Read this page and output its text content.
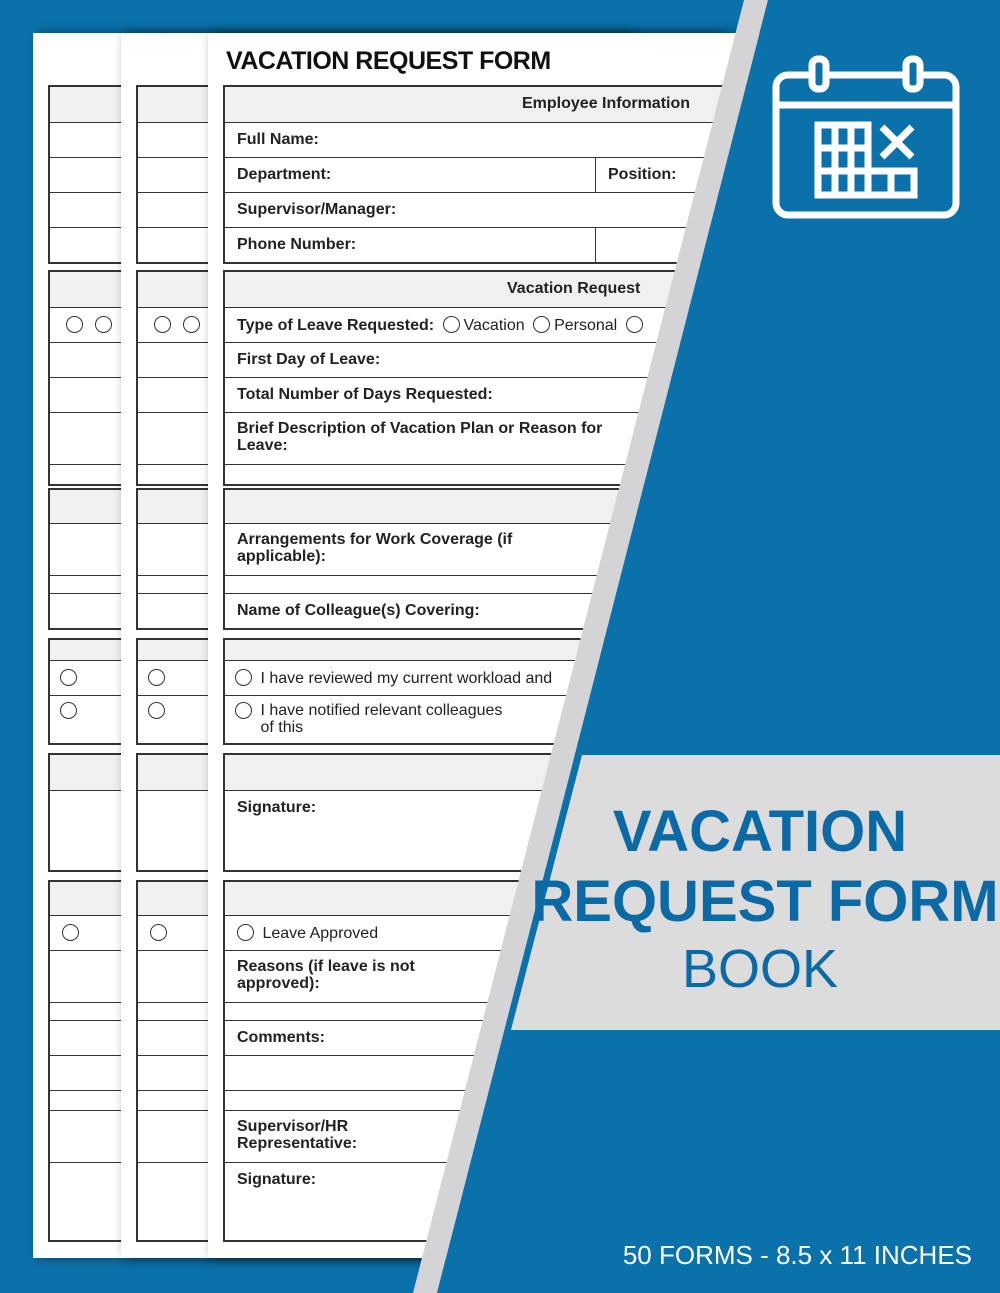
VACATION REQUEST FORM
Employee Information
Full Name:
Department:	Position:
Supervisor/Manager:
Phone Number:
Vacation Request
Type of Leave Requested: Vacation Personal
First Day of Leave:
Total Number of Days Requested:
Brief Description of Vacation Plan or Reason for Leave:
Arrangements for Work Coverage (if applicable):
Name of Colleague(s) Covering:
I have reviewed my current workload and
I have notified relevant colleagues of this
Signature:
Leave Approved
Reasons (if leave is not approved):
Comments:
Supervisor/HR Representative:
Signature:
VACATION
REQUEST FORM
BOOK
50 FORMS - 8.5 x 11 INCHES
